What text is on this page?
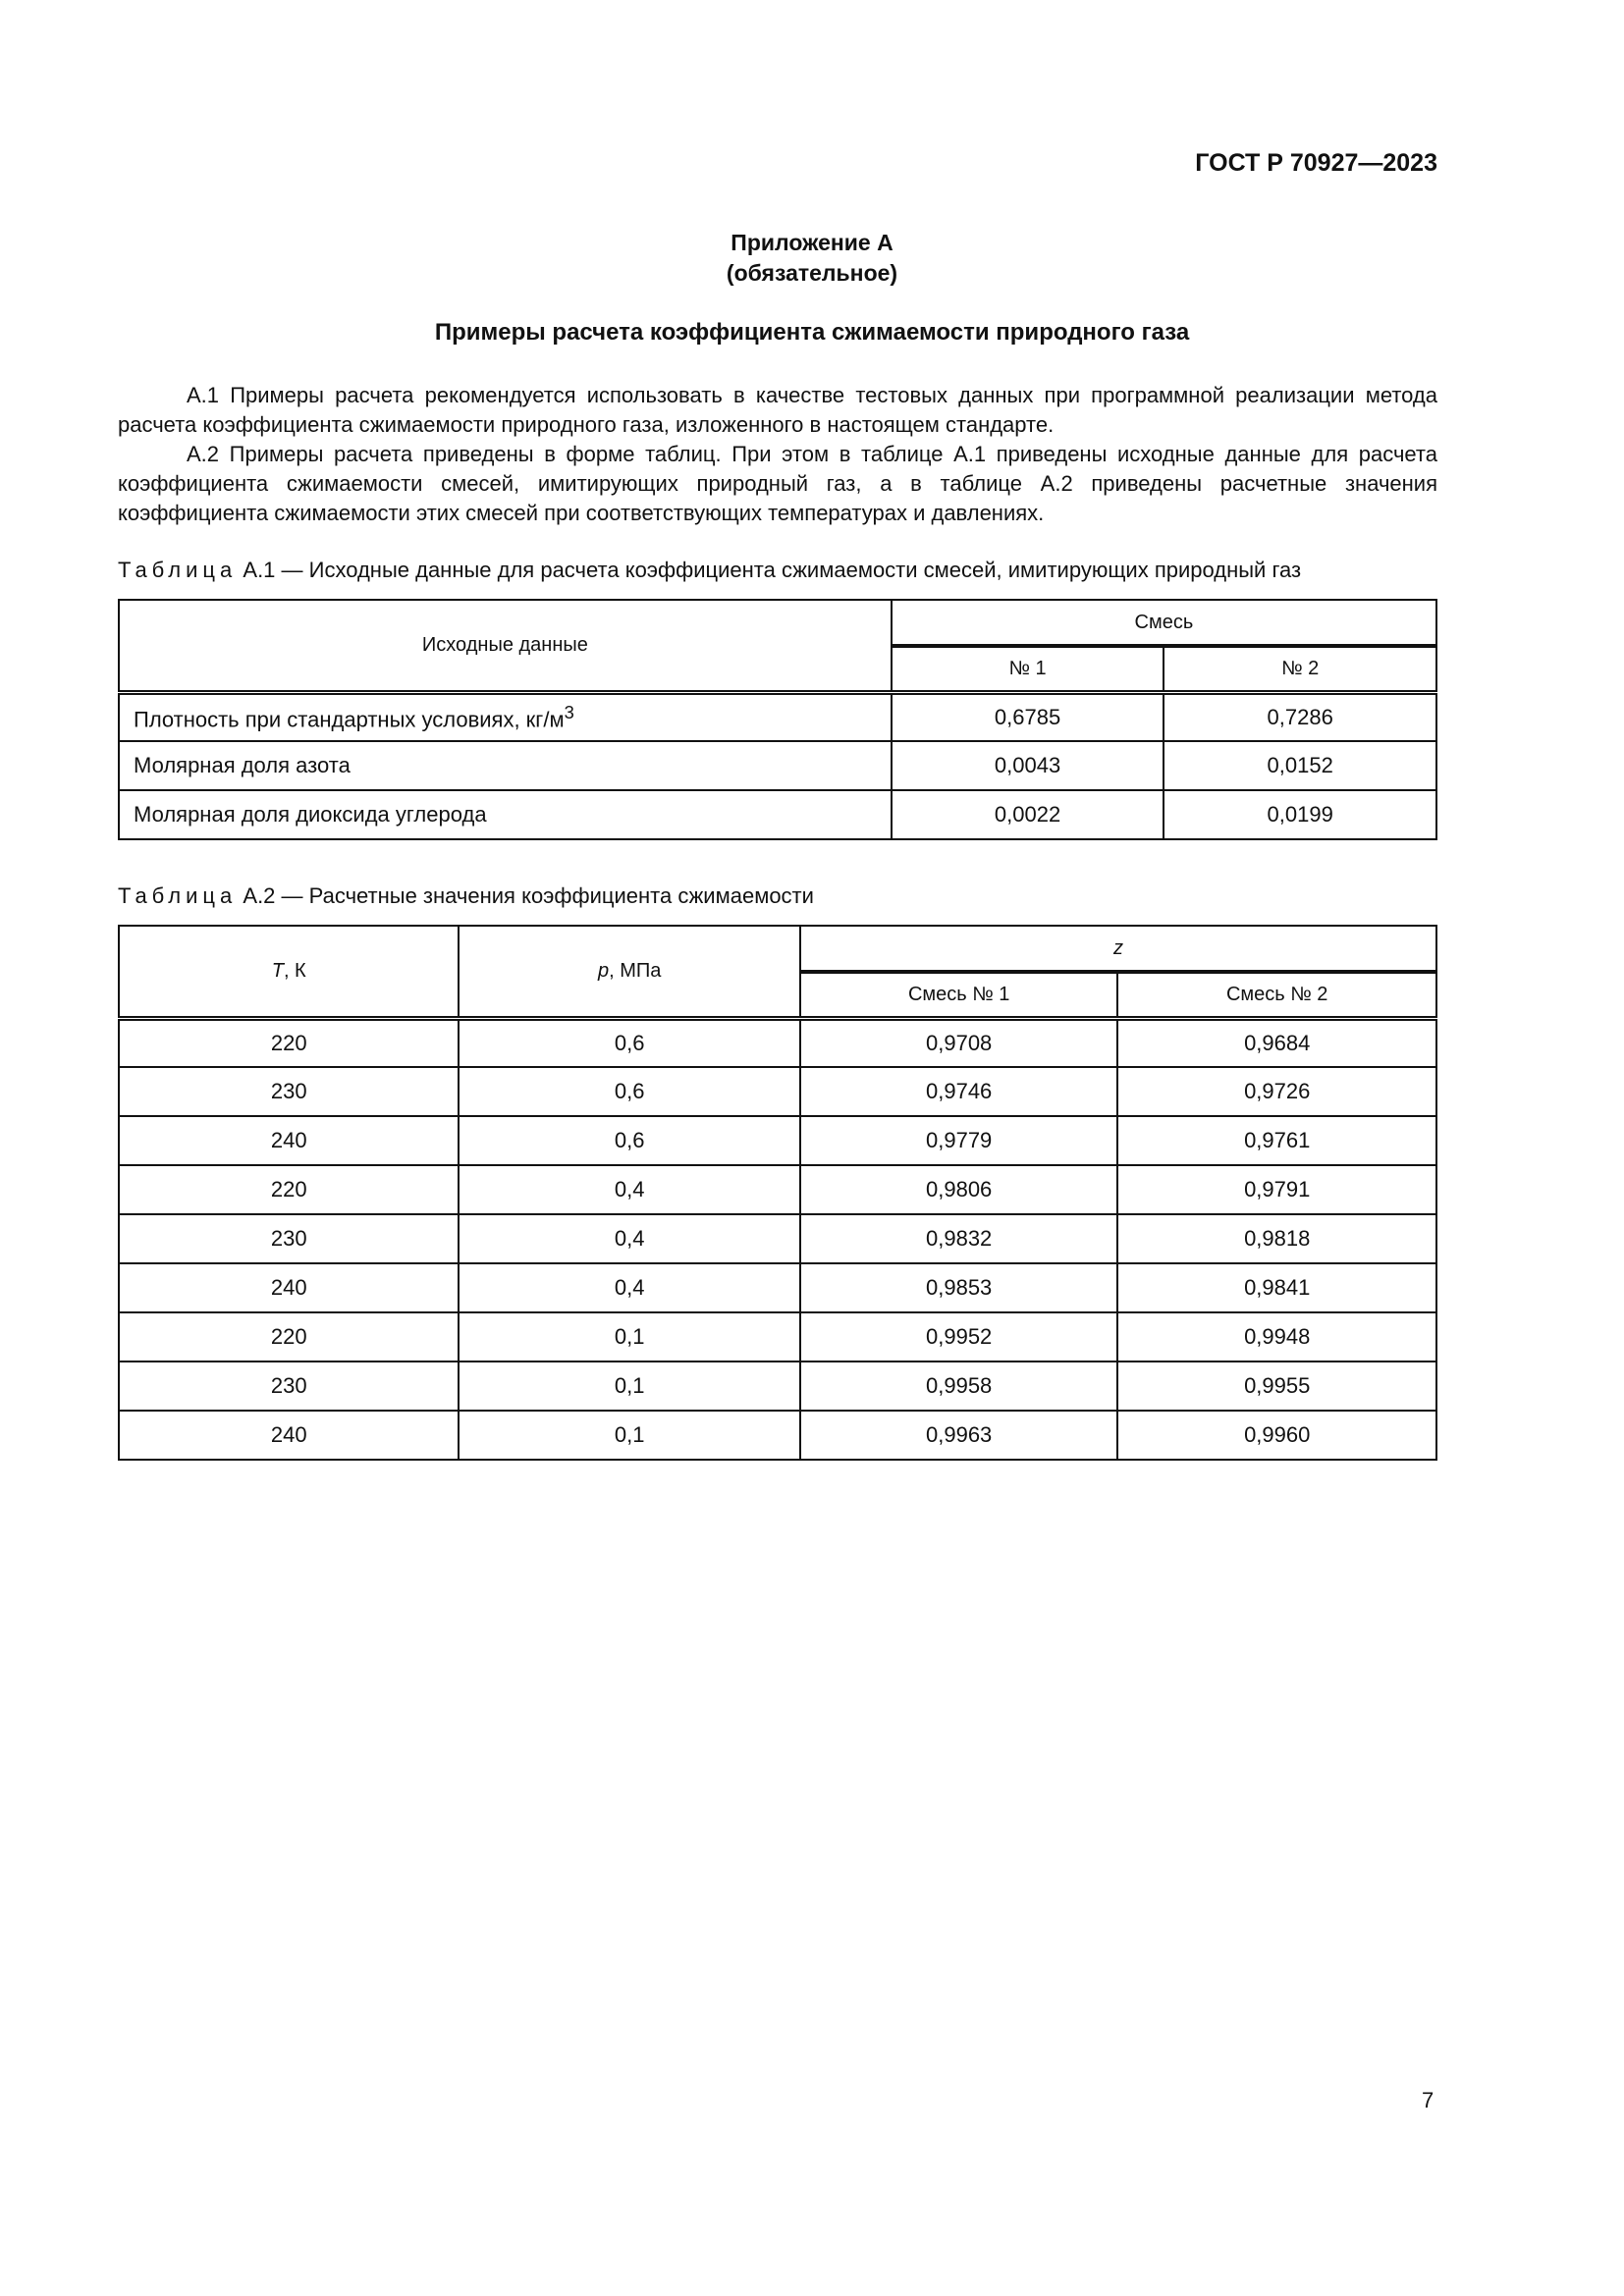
ГОСТ Р 70927—2023
Приложение А
(обязательное)
Примеры расчета коэффициента сжимаемости природного газа

А.1 Примеры расчета рекомендуется использовать в качестве тестовых данных при программной реализации метода расчета коэффициента сжимаемости природного газа, изложенного в настоящем стандарте.

А.2 Примеры расчета приведены в форме таблиц. При этом в таблице А.1 приведены исходные данные для расчета коэффициента сжимаемости смесей, имитирующих природный газ, а в таблице А.2 приведены расчетные значения коэффициента сжимаемости этих смесей при соответствующих температурах и давлениях.

Таблица А.1 — Исходные данные для расчета коэффициента сжимаемости смесей, имитирующих природный газ
Исходные данные	Смесь	
	№ 1	№ 2
Плотность при стандартных условиях, $кг/м^3$	0,6785	0,7286
Молярная доля азота	0,0043	0,0152
Молярная доля диоксида углерода	0,0022	0,0199
Таблица А.2 — Расчетные значения коэффициента сжимаемости
T, К	p, МПа	z	
		Смесь № 1	Смесь № 2
220	0,6	0,9708	0,9684
230	0,6	0,9746	0,9726
240	0,6	0,9779	0,9761
220	0,4	0,9806	0,9791
230	0,4	0,9832	0,9818
240	0,4	0,9853	0,9841
220	0,1	0,9952	0,9948
230	0,1	0,9958	0,9955
240	0,1	0,9963	0,9960
7
